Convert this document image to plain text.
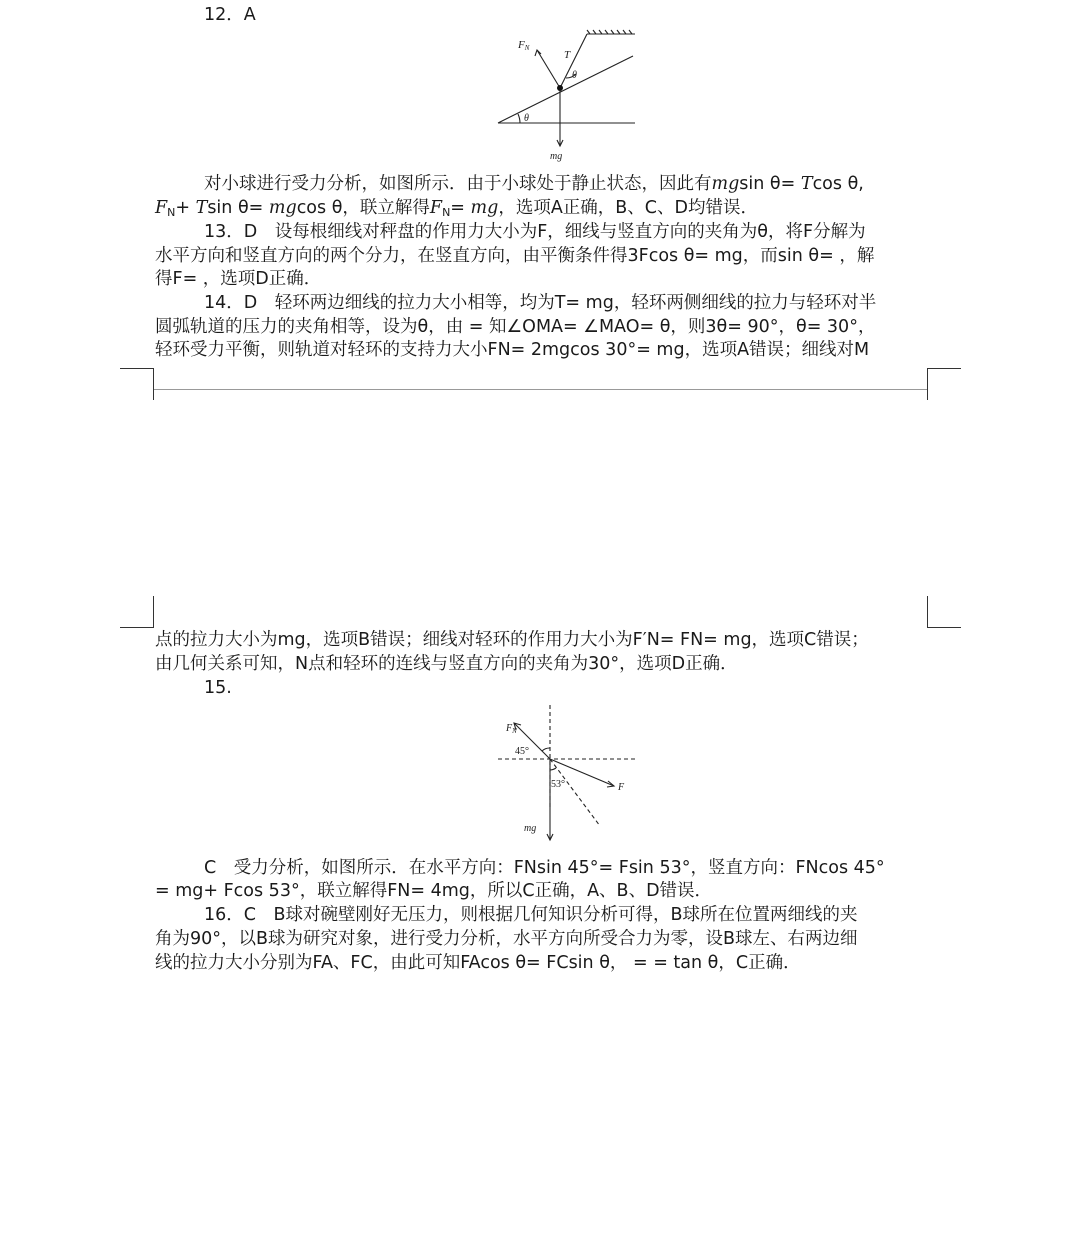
12．A
FN
T
θ
θ
mg
对小球进行受力分析，如图所示．由于小球处于静止状态，因此有mgsin θ= Tcos θ,
$F_N+ Tsin$ θ= mgcos θ，联立解得$F_N=$ mg，选项A正确，B、C、D均错误．
13．D　设每根细线对秤盘的作用力大小为F，细线与竖直方向的夹角为θ，将F分解为
水平方向和竖直方向的两个分力，在竖直方向，由平衡条件得3Fcos θ= mg，而sin θ= ，解
得F= ，选项D正确．
14．D　轻环两边细线的拉力大小相等，均为T= mg，轻环两侧细线的拉力与轻环对半
圆弧轨道的压力的夹角相等，设为θ，由 = 知∠OMA= ∠MAO= θ，则3θ= 90°，θ= 30°，
轻环受力平衡，则轨道对轻环的支持力大小FN= 2mgcos 30°= mg，选项A错误；细线对M
点的拉力大小为mg，选项B错误；细线对轻环的作用力大小为F′N= FN= mg，选项C错误；
由几何关系可知，N点和轻环的连线与竖直方向的夹角为30°，选项D正确．
15.
$F_N$
45°
53°	F
mg
C　受力分析，如图所示．在水平方向：FNsin 45°= Fsin 53°，竖直方向：FNcos 45°
= mg+ Fcos 53°，联立解得FN= 4mg，所以C正确，A、B、D错误．
16．C　B球对碗壁刚好无压力，则根据几何知识分析可得，B球所在位置两细线的夹
角为90°，以B球为研究对象，进行受力分析，水平方向所受合力为零，设B球左、右两边细
线的拉力大小分别为FA、FC，由此可知FAcos θ= FCsin θ， = = tan θ，C正确．
